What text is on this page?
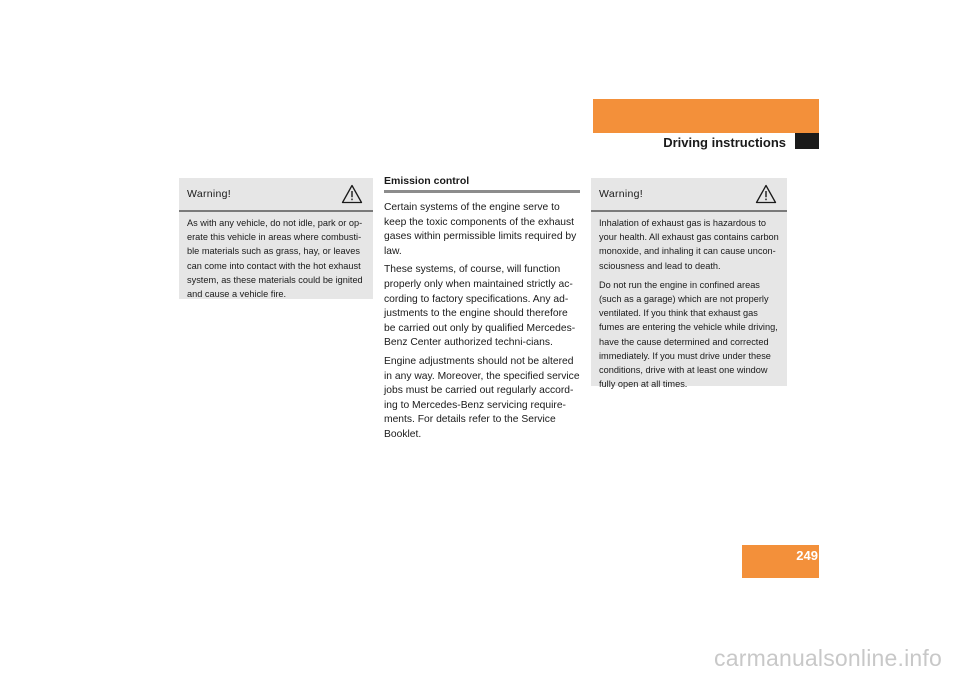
Operation
Driving instructions
Warning!

As with any vehicle, do not idle, park or op-erate this vehicle in areas where combusti-ble materials such as grass, hay, or leaves can come into contact with the hot exhaust system, as these materials could be ignited and cause a vehicle fire.

Emission control

Certain systems of the engine serve to keep the toxic components of the exhaust gases within permissible limits required by law.

These systems, of course, will function properly only when maintained strictly ac-cording to factory specifications. Any ad-justments to the engine should therefore be carried out only by qualified Mercedes-Benz Center authorized techni-cians.

Engine adjustments should not be altered in any way. Moreover, the specified service jobs must be carried out regularly accord-ing to Mercedes-Benz servicing require-ments. For details refer to the Service Booklet.

Warning!

Inhalation of exhaust gas is hazardous to your health. All exhaust gas contains carbon monoxide, and inhaling it can cause uncon-sciousness and lead to death.

Do not run the engine in confined areas (such as a garage) which are not properly ventilated. If you think that exhaust gas fumes are entering the vehicle while driving, have the cause determined and corrected immediately. If you must drive under these conditions, drive with at least one window fully open at all times.

249
carmanualsonline.info
